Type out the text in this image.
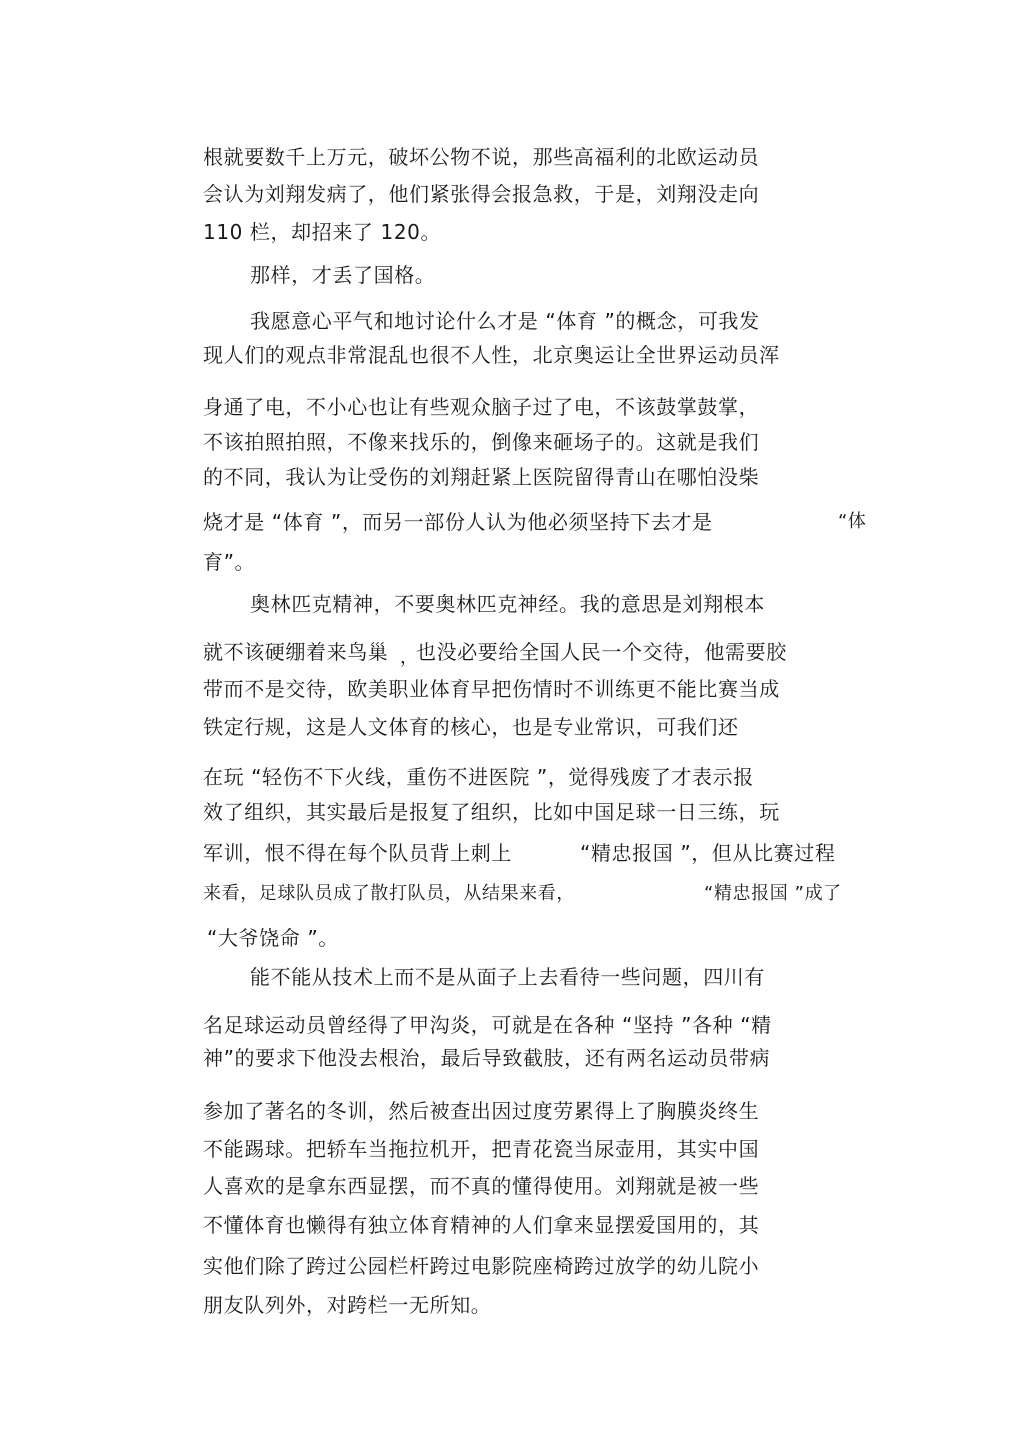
根就要数千上万元，破坏公物不说，那些高福利的北欧运动员
会认为刘翔发病了，他们紧张得会报急救，于是，刘翔没走向
110 栏，却招来了 120。
那样，才丢了国格。
我愿意心平气和地讨论什么才是 “体育 ”的概念，可我发
现人们的观点非常混乱也很不人性，北京奥运让全世界运动员浑
身通了电，不小心也让有些观众脑子过了电，不该鼓掌鼓掌，
不该拍照拍照，不像来找乐的，倒像来砸场子的。这就是我们
的不同，我认为让受伤的刘翔赶紧上医院留得青山在哪怕没柴
烧才是 “体育 ”，而另一部份人认为他必须坚持下去才是	“体
育”。
奥林匹克精神，不要奥林匹克神经。我的意思是刘翔根本
就不该硬绷着来鸟巢 ，
也没必要给全国人民一个交待，他需要胶
带而不是交待，欧美职业体育早把伤情时不训练更不能比赛当成
铁定行规，这是人文体育的核心，也是专业常识，可我们还
在玩 “轻伤不下火线，重伤不进医院 ”，觉得残废了才表示报
效了组织，其实最后是报复了组织，比如中国足球一日三练，玩
军训，恨不得在每个队员背上刺上	“精忠报国 ”，但从比赛过程
来看，足球队员成了散打队员，从结果来看，	“精忠报国 ”成了
“大爷饶命 ”。
能不能从技术上而不是从面子上去看待一些问题，四川有
名足球运动员曾经得了甲沟炎，可就是在各种 “坚持 ”各种 “精
神”的要求下他没去根治，最后导致截肢，还有两名运动员带病
参加了著名的冬训，然后被查出因过度劳累得上了胸膜炎终生
不能踢球。把轿车当拖拉机开，把青花瓷当尿壶用，其实中国
人喜欢的是拿东西显摆，而不真的懂得使用。刘翔就是被一些
不懂体育也懒得有独立体育精神的人们拿来显摆爱国用的，其
实他们除了跨过公园栏杆跨过电影院座椅跨过放学的幼儿院小
朋友队列外，对跨栏一无所知。
